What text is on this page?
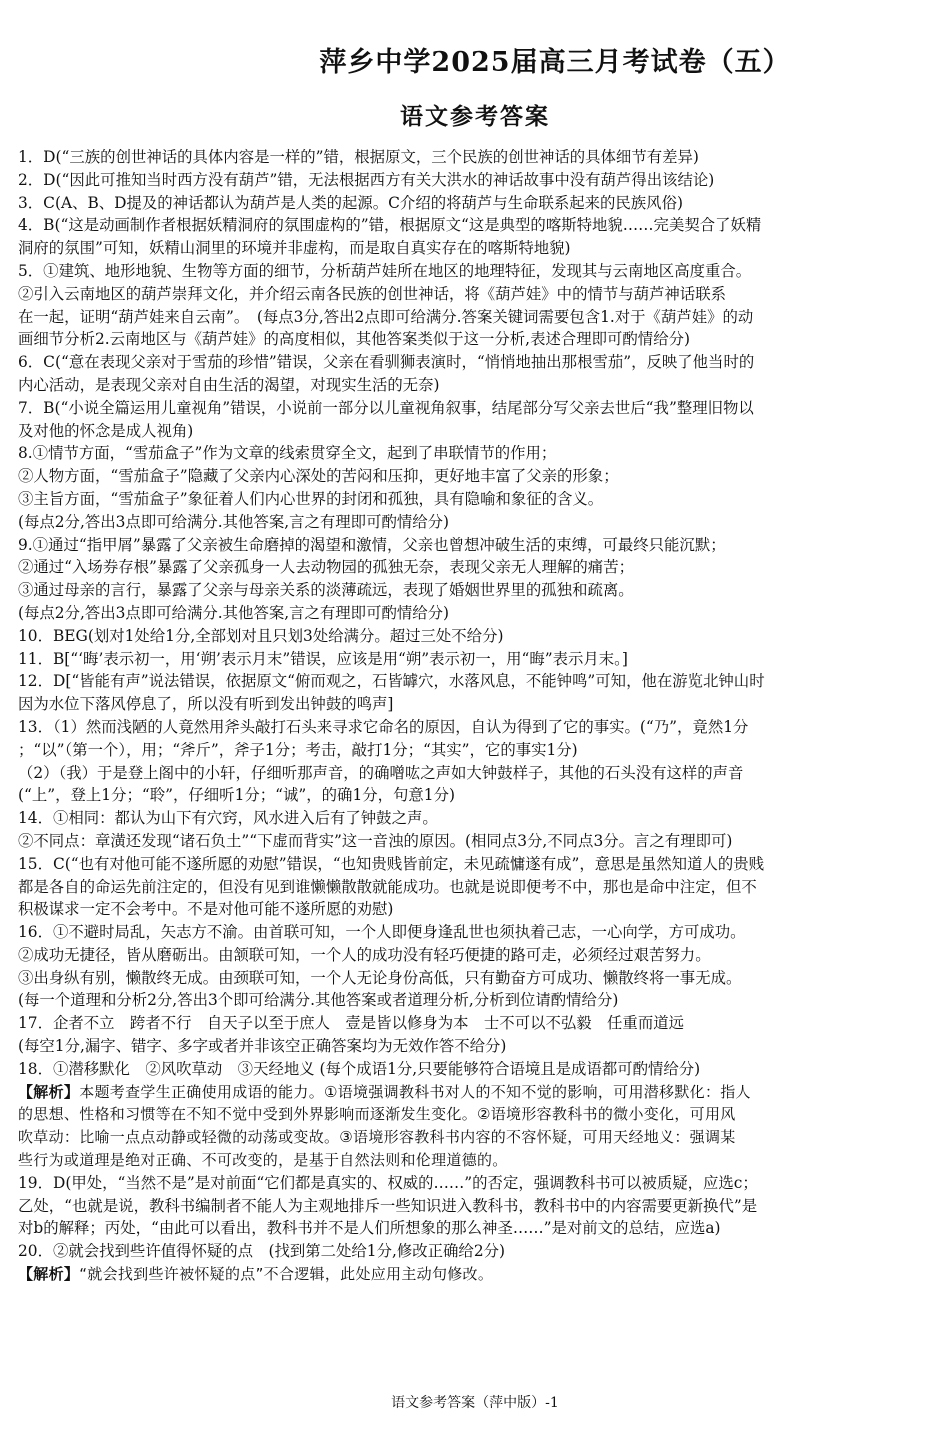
萍乡中学2025届高三月考试卷（五）
语文参考答案

1．D(“三族的创世神话的具体内容是一样的”错，根据原文，三个民族的创世神话的具体细节有差异)

2．D(“因此可推知当时西方没有葫芦”错，无法根据西方有关大洪水的神话故事中没有葫芦得出该结论)

3．C(A、B、D提及的神话都认为葫芦是人类的起源。C介绍的将葫芦与生命联系起来的民族风俗)

4．B(“这是动画制作者根据妖精洞府的氛围虚构的”错，根据原文“这是典型的喀斯特地貌……完美契合了妖精

洞府的氛围”可知，妖精山洞里的环境并非虚构，而是取自真实存在的喀斯特地貌)

5．①建筑、地形地貌、生物等方面的细节，分析葫芦娃所在地区的地理特征，发现其与云南地区高度重合。

②引入云南地区的葫芦崇拜文化，并介绍云南各民族的创世神话，将《葫芦娃》中的情节与葫芦神话联系

在一起，证明“葫芦娃来自云南”。　(每点3分,答出2点即可给满分.答案关键词需要包含1.对于《葫芦娃》的动

画细节分析2.云南地区与《葫芦娃》的高度相似，其他答案类似于这一分析,表述合理即可酌情给分)

6．C(“意在表现父亲对于雪茄的珍惜”错误，父亲在看驯狮表演时，“悄悄地抽出那根雪茄”，反映了他当时的

内心活动，是表现父亲对自由生活的渴望，对现实生活的无奈)

7．B(“小说全篇运用儿童视角”错误，小说前一部分以儿童视角叙事，结尾部分写父亲去世后“我”整理旧物以

及对他的怀念是成人视角)

8.①情节方面，“雪茄盒子”作为文章的线索贯穿全文，起到了串联情节的作用；

②人物方面，“雪茄盒子”隐藏了父亲内心深处的苦闷和压抑，更好地丰富了父亲的形象；

③主旨方面，“雪茄盒子”象征着人们内心世界的封闭和孤独，具有隐喻和象征的含义。

(每点2分,答出3点即可给满分.其他答案,言之有理即可酌情给分)

9.①通过“指甲屑”暴露了父亲被生命磨掉的渴望和激情，父亲也曾想冲破生活的束缚，可最终只能沉默；

②通过“入场券存根”暴露了父亲孤身一人去动物园的孤独无奈，表现父亲无人理解的痛苦；

③通过母亲的言行，暴露了父亲与母亲关系的淡薄疏远，表现了婚姻世界里的孤独和疏离。

(每点2分,答出3点即可给满分.其他答案,言之有理即可酌情给分)

10．BEG(划对1处给1分,全部划对且只划3处给满分。超过三处不给分)

11．B[“‘晦’表示初一，用‘朔’表示月末”错误，应该是用“朔”表示初一，用“晦”表示月末。]

12．D[“皆能有声”说法错误，依据原文“俯而观之，石皆罅穴，水落风息，不能钟鸣”可知，他在游览北钟山时

因为水位下落风停息了，所以没有听到发出钟鼓的鸣声]

13．（1）然而浅陋的人竟然用斧头敲打石头来寻求它命名的原因，自认为得到了它的事实。(“乃”，竟然1分

；“以”（第一个），用；“斧斤”，斧子1分；考击，敲打1分；“其实”，它的事实1分)

（2）（我）于是登上阁中的小轩，仔细听那声音，的确噌吰之声如大钟鼓样子，其他的石头没有这样的声音

(“上”，登上1分；“聆”，仔细听1分；“诚”，的确1分，句意1分)

14．①相同：都认为山下有穴窍，风水进入后有了钟鼓之声。

②不同点：章潢还发现“诸石负土”“下虚而背实”这一音浊的原因。(相同点3分,不同点3分。言之有理即可)

15．C(“也有对他可能不遂所愿的劝慰”错误，“也知贵贱皆前定，未见疏慵遂有成”，意思是虽然知道人的贵贱

都是各自的命运先前注定的，但没有见到谁懒懒散散就能成功。也就是说即便考不中，那也是命中注定，但不

积极谋求一定不会考中。不是对他可能不遂所愿的劝慰)

16．①不避时局乱，矢志方不渝。由首联可知，一个人即便身逢乱世也须执着己志，一心向学，方可成功。

②成功无捷径，皆从磨砺出。由颔联可知，一个人的成功没有轻巧便捷的路可走，必须经过艰苦努力。

③出身纵有别，懒散终无成。由颈联可知，一个人无论身份高低，只有勤奋方可成功、懒散终将一事无成。

(每一个道理和分析2分,答出3个即可给满分.其他答案或者道理分析,分析到位请酌情给分)

17．企者不立　跨者不行　自天子以至于庶人　壹是皆以修身为本　士不可以不弘毅　任重而道远

(每空1分,漏字、错字、多字或者并非该空正确答案均为无效作答不给分)

18．①潜移默化　②风吹草动　③天经地义 (每个成语1分,只要能够符合语境且是成语都可酌情给分)

【解析】本题考查学生正确使用成语的能力。①语境强调教科书对人的不知不觉的影响，可用潜移默化：指人

的思想、性格和习惯等在不知不觉中受到外界影响而逐渐发生变化。②语境形容教科书的微小变化，可用风

吹草动：比喻一点点动静或轻微的动荡或变故。③语境形容教科书内容的不容怀疑，可用天经地义：强调某

些行为或道理是绝对正确、不可改变的，是基于自然法则和伦理道德的。

19．D(甲处，“当然不是”是对前面“它们都是真实的、权威的……”的否定，强调教科书可以被质疑，应选c；

乙处，“也就是说，教科书编制者不能人为主观地排斥一些知识进入教科书，教科书中的内容需要更新换代”是

对b的解释；丙处，“由此可以看出，教科书并不是人们所想象的那么神圣……”是对前文的总结，应选a)

20．②就会找到些许值得怀疑的点　(找到第二处给1分,修改正确给2分)

【解析】“就会找到些许被怀疑的点”不合逻辑，此处应用主动句修改。

语文参考答案（萍中版）-1
